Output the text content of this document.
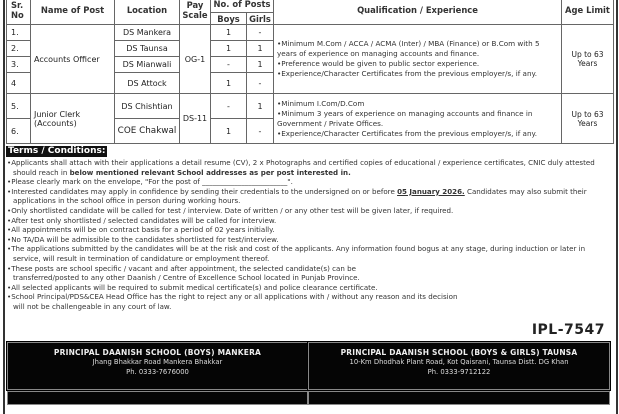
Sr. No	Name of Post	Location	Pay Scale	No. of Posts		Qualification / Experience	Age Limit
				Boys	Girls		
1.	Accounts Officer	DS Mankera	OG-1	1	-	• Minimum M.Com / ACCA / ACMA (Inter) / MBA (Finance) or B.Com with 5 years of experience on managing accounts and finance.
• Preference would be given to public sector experience.
• Experience/Character Certificates from the previous employer/s, if any.	Up to 63 Years
2.		DS Taunsa		1	1		
3.		DS Mianwali		-	1		
4		DS Attock		1	-		
5.	Junior Clerk (Accounts)	DS Chishtian	DS-11	-	1	• Minimum I.Com/D.Com
• Minimum 3 years of experience on managing accounts and finance in Government / Private Offices.
• Experience/Character Certificates from the previous employer/s, if any.	Up to 63 Years
6.		COE Chakwal		1	-		
Terms / Conditions:
• Applicants shall attach with their applications a detail resume (CV), 2 x Photographs and certified copies of educational / experience certificates, CNIC duly attested should reach in below mentioned relevant School addresses as per post interested in.
• Please clearly mark on the envelope, "For the post of ________________________".
• Interested candidates may apply in confidence by sending their credentials to the undersigned on or before 05 January 2026. Candidates may also submit their applications in the school office in person during working hours.
• Only shortlisted candidate will be called for test / interview. Date of written / or any other test will be given later, if required.
• After test only shortlisted / selected candidates will be called for interview.
• All appointments will be on contract basis for a period of 02 years initially.
• No TA/DA will be admissible to the candidates shortlisted for test/interview.
• The applications submitted by the candidates will be at the risk and cost of the applicants. Any information found bogus at any stage, during induction or later in service, will result in termination of candidature or employment thereof.
• These posts are school specific / vacant and after appointment, the selected candidate(s) can be transferred/posted to any other Daanish / Centre of Excellence School located in Punjab Province.
• All selected applicants will be required to submit medical certificate(s) and police clearance certificate.
• School Principal/PDS&CEA Head Office has the right to reject any or all applications with / without any reason and its decision will not be challengeable in any court of law.
IPL-7547
PRINCIPAL DAANISH SCHOOL (BOYS) MANKERA
Jhang Bhakkar Road Mankera Bhakkar
Ph. 0333-7676000
PRINCIPAL DAANISH SCHOOL (BOYS & GIRLS) TAUNSA
10-Km Dhodhak Plant Road, Kot Qaisrani, Taunsa Distt. DG Khan
Ph. 0333-9712122
